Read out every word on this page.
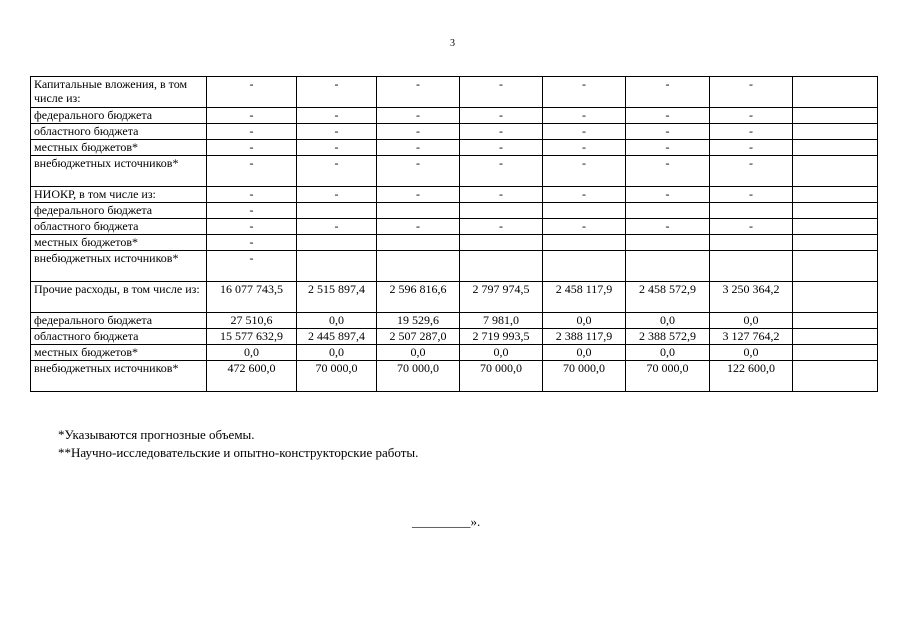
3
Капитальные вложения, в том числе из:	-	-	-	-	-	-	-	
федерального бюджета	-	-	-	-	-	-	-	
областного бюджета	-	-	-	-	-	-	-	
местных бюджетов*	-	-	-	-	-	-	-	
внебюджетных источников*	-	-	-	-	-	-	-	
НИОКР, в том числе из:	-	-	-	-	-	-	-	
федерального бюджета	-							
областного бюджета	-	-	-	-	-	-	-	
местных бюджетов*	-							
внебюджетных источников*	-							
Прочие расходы, в том числе из:	16 077 743,5	2 515 897,4	2 596 816,6	2 797 974,5	2 458 117,9	2 458 572,9	3 250 364,2	
федерального бюджета	27 510,6	0,0	19 529,6	7 981,0	0,0	0,0	0,0	
областного бюджета	15 577 632,9	2 445 897,4	2 507 287,0	2 719 993,5	2 388 117,9	2 388 572,9	3 127 764,2	
местных бюджетов*	0,0	0,0	0,0	0,0	0,0	0,0	0,0	
внебюджетных источников*	472 600,0	70 000,0	70 000,0	70 000,0	70 000,0	70 000,0	122 600,0	
*Указываются прогнозные объемы.
**Научно-исследовательские и опытно-конструкторские работы.
_________».
